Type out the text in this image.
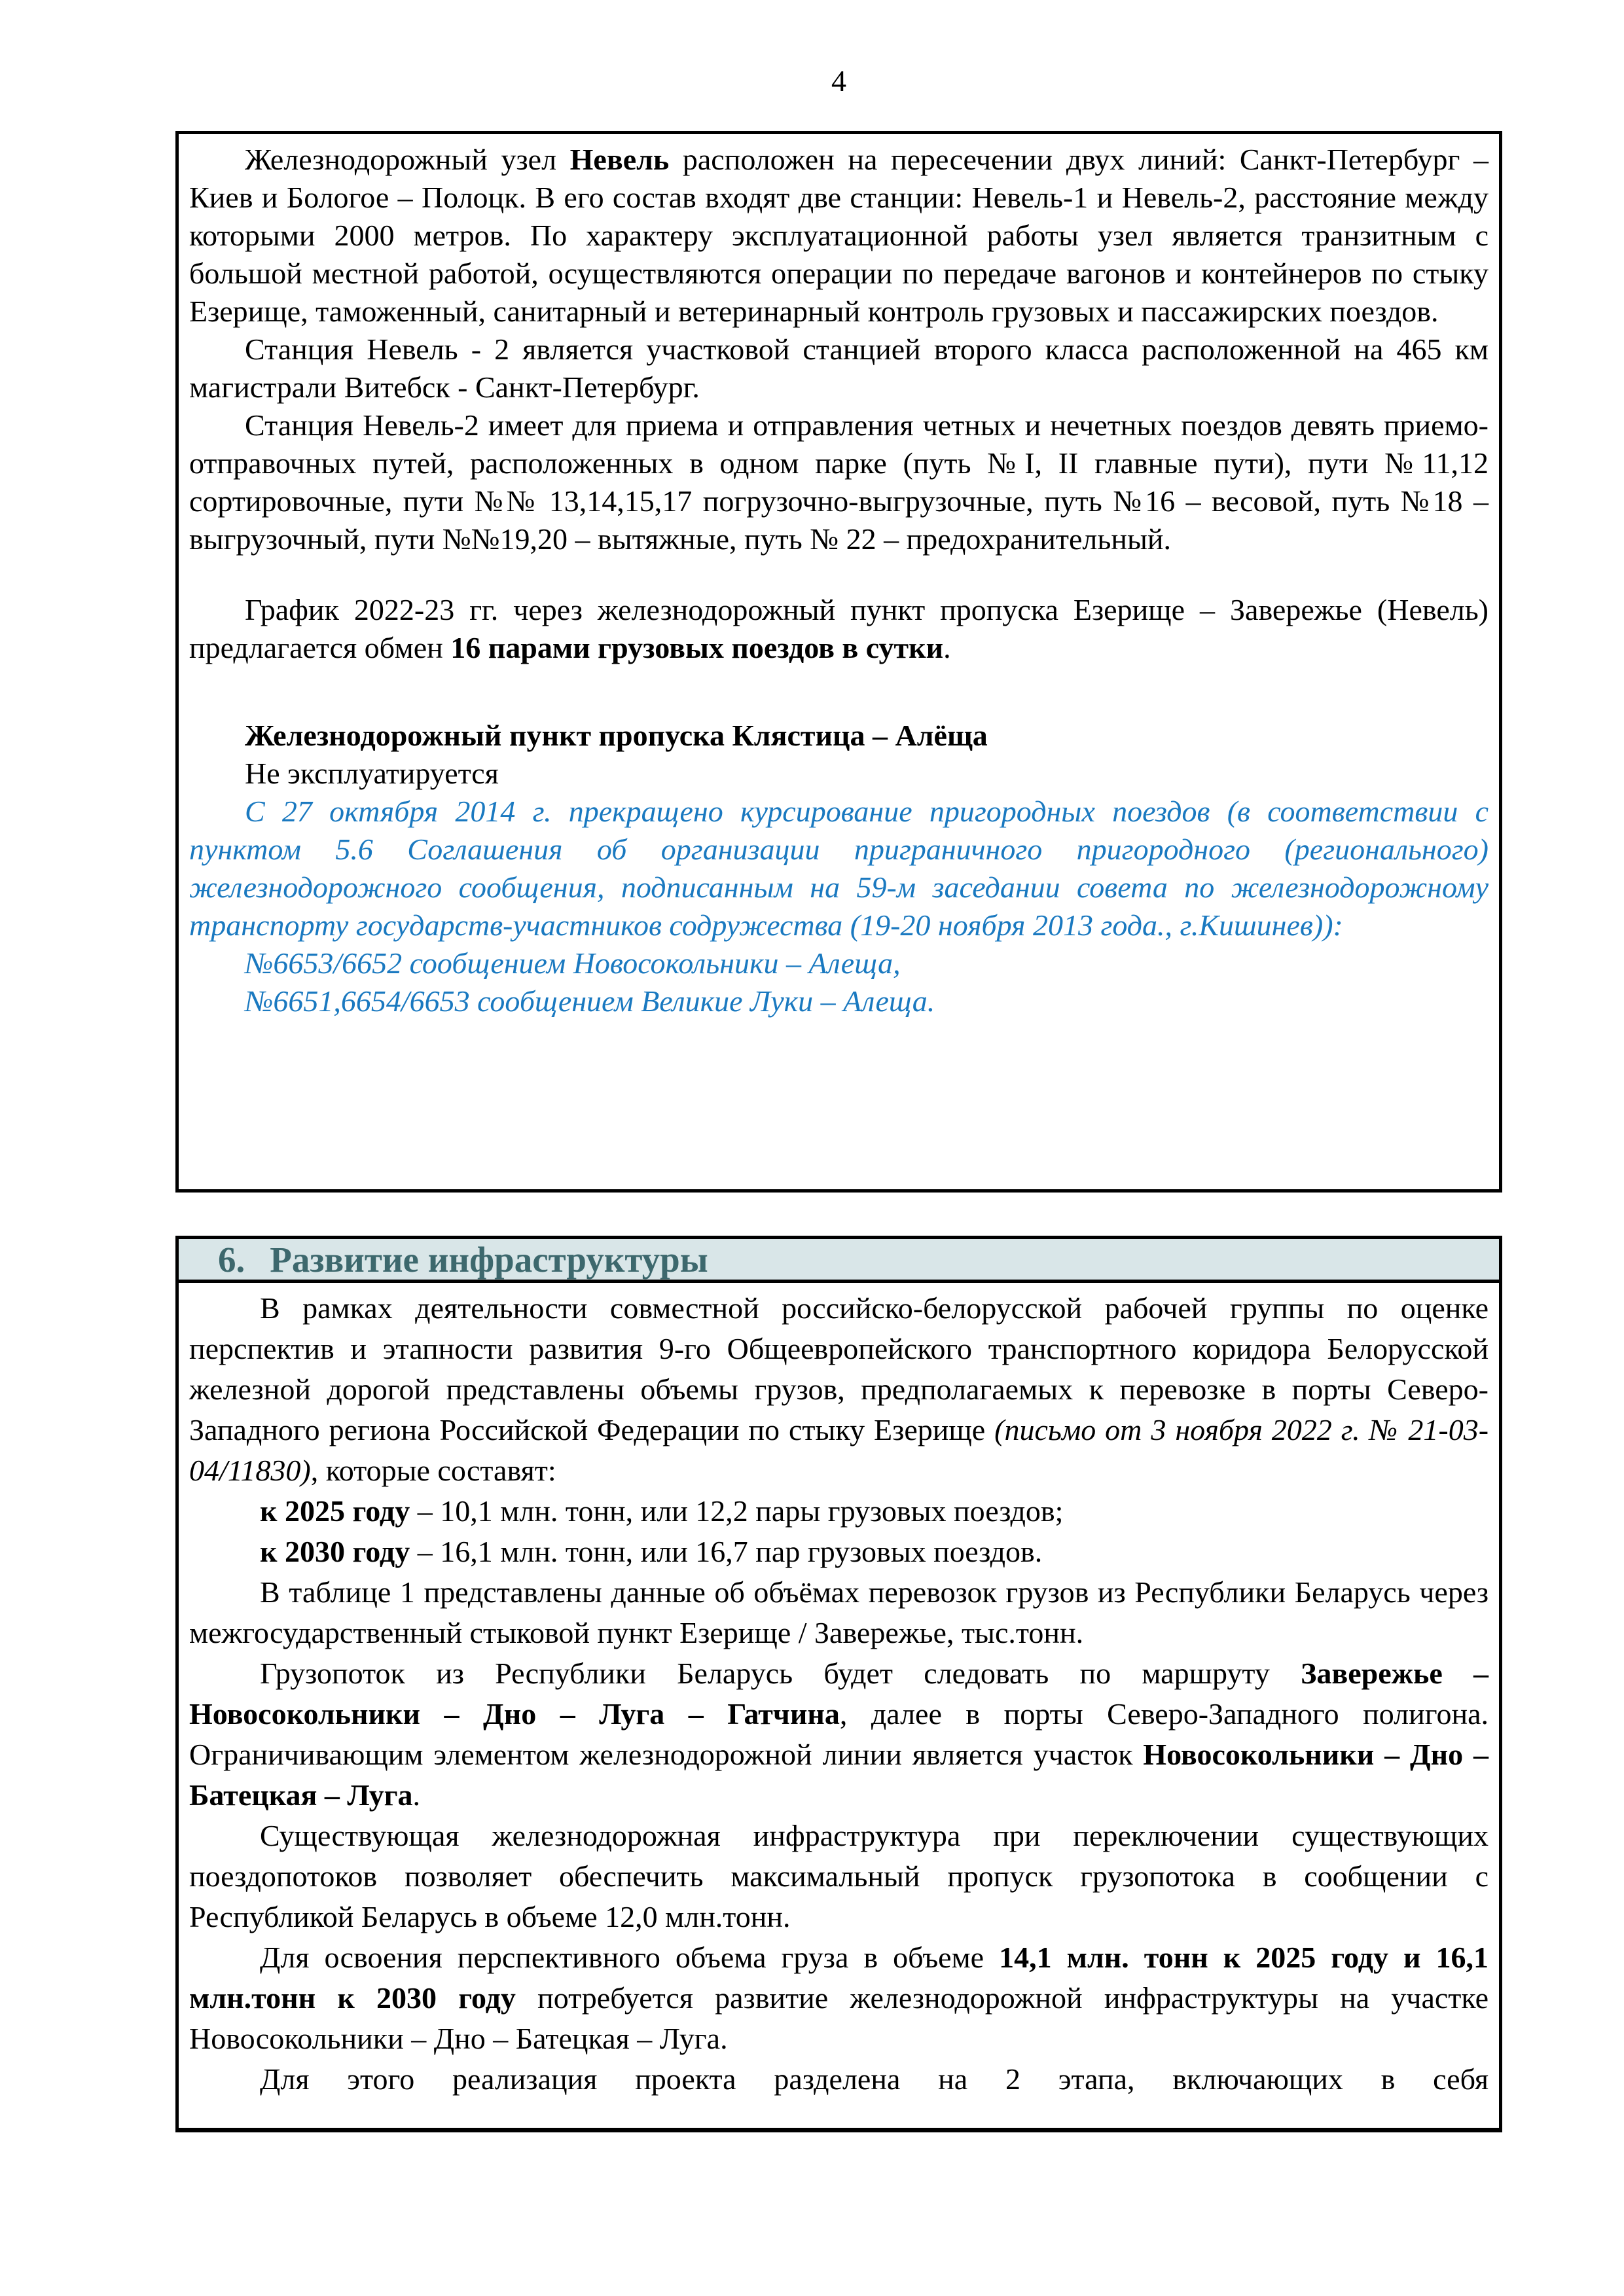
4

Железнодорожный узел Невель расположен на пересечении двух линий: Санкт-Петербург – Киев и Бологое – Полоцк. В его состав входят две станции: Невель-1 и Невель-2, расстояние между которыми 2000 метров. По характеру эксплуатационной работы узел является транзитным с большой местной работой, осуществляются операции по передаче вагонов и контейнеров по стыку Езерище, таможенный, санитарный и ветеринарный контроль грузовых и пассажирских поездов.

Станция Невель - 2 является участковой станцией второго класса расположенной на 465 км магистрали Витебск - Санкт-Петербург.

Станция Невель-2 имеет для приема и отправления четных и нечетных поездов девять приемо-отправочных путей, расположенных в одном парке (путь №I, II главные пути), пути №11,12 сортировочные, пути №№ 13,14,15,17 погрузочно-выгрузочные, путь №16 – весовой, путь №18 – выгрузочный, пути №№19,20 – вытяжные, путь № 22 – предохранительный.

График 2022-23 гг. через железнодорожный пункт пропуска Езерище – Завережье (Невель) предлагается обмен 16 парами грузовых поездов в сутки.

Железнодорожный пункт пропуска Клястица – Алёща

Не эксплуатируется

С 27 октября 2014 г. прекращено курсирование пригородных поездов (в соответствии с пунктом 5.6 Соглашения об организации приграничного пригородного (регионального) железнодорожного сообщения, подписанным на 59-м заседании совета по железнодорожному транспорту государств-участников содружества (19-20 ноября 2013 года., г.Кишинев)):

№6653/6652 сообщением Новосокольники – Алеща,

№6651,6654/6653 сообщением Великие Луки – Алеща.

6. Развитие инфраструктуры

В рамках деятельности совместной российско-белорусской рабочей группы по оценке перспектив и этапности развития 9-го Общеевропейского транспортного коридора Белорусской железной дорогой представлены объемы грузов, предполагаемых к перевозке в порты Северо-Западного региона Российской Федерации по стыку Езерище (письмо от 3 ноября 2022 г. № 21-03-04/11830), которые составят:

к 2025 году – 10,1 млн. тонн, или 12,2 пары грузовых поездов;

к 2030 году – 16,1 млн. тонн, или 16,7 пар грузовых поездов.

В таблице 1 представлены данные об объёмах перевозок грузов из Республики Беларусь через межгосударственный стыковой пункт Езерище / Завережье, тыс.тонн.

Грузопоток из Республики Беларусь будет следовать по маршруту Завережье – Новосокольники – Дно – Луга – Гатчина, далее в порты Северо-Западного полигона. Ограничивающим элементом железнодорожной линии является участок Новосокольники – Дно – Батецкая – Луга.

Существующая железнодорожная инфраструктура при переключении существующих поездопотоков позволяет обеспечить максимальный пропуск грузопотока в сообщении с Республикой Беларусь в объеме 12,0 млн.тонн.

Для освоения перспективного объема груза в объеме 14,1 млн. тонн к 2025 году и 16,1 млн.тонн к 2030 году потребуется развитие железнодорожной инфраструктуры на участке Новосокольники – Дно – Батецкая – Луга.

Для этого реализация проекта разделена на 2 этапа, включающих в себя
